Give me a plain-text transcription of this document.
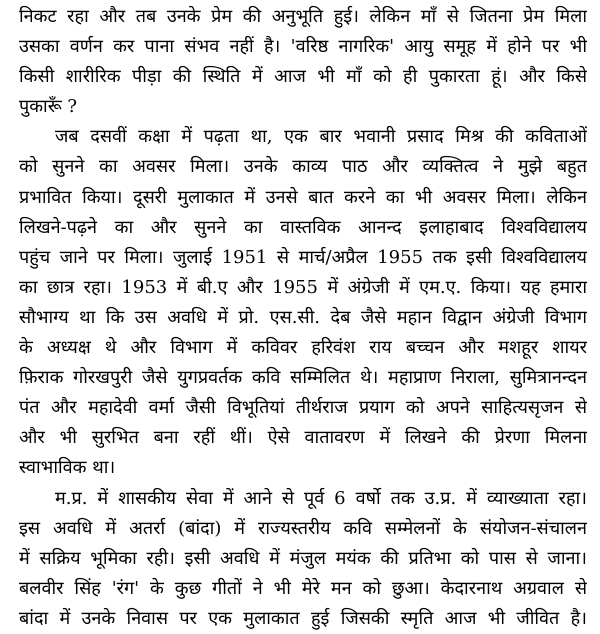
निकट रहा और तब उनके प्रेम की अनुभूति हुई। लेकिन माँ से जितना प्रेम मिला
उसका वर्णन कर पाना संभव नहीं है। 'वरिष्ठ नागरिक' आयु समूह में होने पर भी
किसी शारीरिक पीड़ा की स्थिति में आज भी माँ को ही पुकारता हूं। और किसे
पुकारूँ ?
जब दसवीं कक्षा में पढ़ता था, एक बार भवानी प्रसाद मिश्र की कविताओं
को सुनने का अवसर मिला। उनके काव्य पाठ और व्यक्तित्व ने मुझे बहुत
प्रभावित किया। दूसरी मुलाकात में उनसे बात करने का भी अवसर मिला। लेकिन
लिखने-पढ़ने का और सुनने का वास्तविक आनन्द इलाहाबाद विश्वविद्यालय
पहुंच जाने पर मिला। जुलाई 1951 से मार्च/अप्रैल 1955 तक इसी विश्वविद्यालय
का छात्र रहा। 1953 में बी.ए और 1955 में अंग्रेजी में एम.ए. किया। यह हमारा
सौभाग्य था कि उस अवधि में प्रो. एस.सी. देब जैसे महान विद्वान अंग्रेजी विभाग
के अध्यक्ष थे और विभाग में कविवर हरिवंश राय बच्चन और मशहूर शायर
फ़िराक गोरखपुरी जैसे युगप्रवर्तक कवि सम्मिलित थे। महाप्राण निराला, सुमित्रानन्दन
पंत और महादेवी वर्मा जैसी विभूतियां तीर्थराज प्रयाग को अपने साहित्यसृजन से
और भी सुरभित बना रहीं थीं। ऐसे वातावरण में लिखने की प्रेरणा मिलना
स्वाभाविक था।
म.प्र. में शासकीय सेवा में आने से पूर्व 6 वर्षो तक उ.प्र. में व्याख्याता रहा।
इस अवधि में अतर्रा (बांदा) में राज्यस्तरीय कवि सम्मेलनों के संयोजन-संचालन
में सक्रिय भूमिका रही। इसी अवधि में मंजुल मयंक की प्रतिभा को पास से जाना।
बलवीर सिंह 'रंग' के कुछ गीतों ने भी मेरे मन को छुआ। केदारनाथ अग्रवाल से
बांदा में उनके निवास पर एक मुलाकात हुई जिसकी स्मृति आज भी जीवित है।
